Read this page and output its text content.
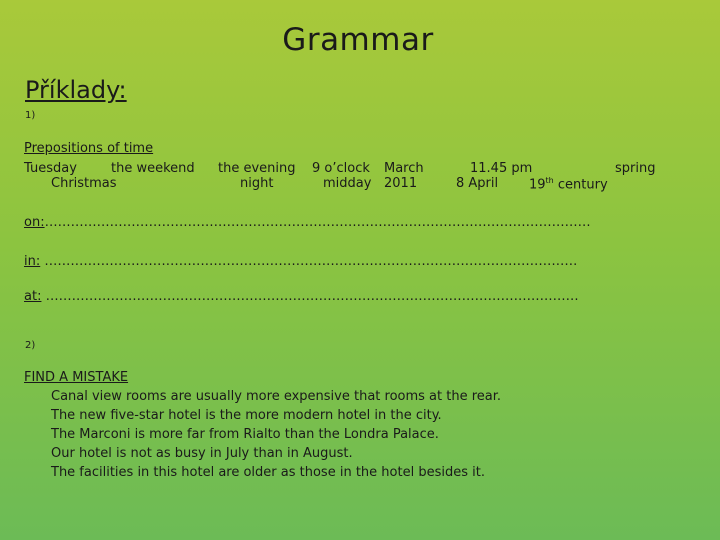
Grammar
Příklady:
1)
Prepositions of time
Tuesday	the weekend the evening 9 o’clock March	11.45 pm	spring
Christmas	night	midday 2011	8 April 19th century
on:………………………………………………………………………………………………………………
in: ……………………………………………………………………………………………………………
at: ……………………………………………………………………………………………………………
2)
FIND A MISTAKE
Canal view rooms are usually more expensive that rooms at the rear.
The new five-star hotel is the more modern hotel in the city.
The Marconi is more far from Rialto than the Londra Palace.
Our hotel is not as busy in July than in August.
The facilities in this hotel are older as those in the hotel besides it.
